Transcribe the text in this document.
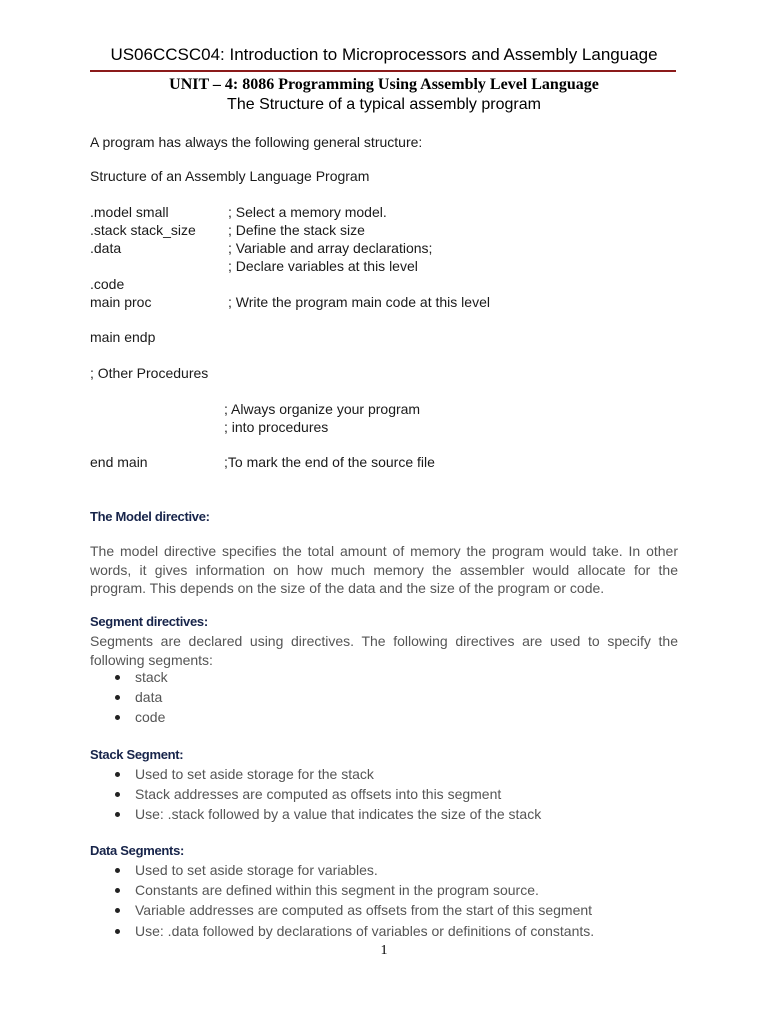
US06CCSC04: Introduction to Microprocessors and Assembly Language
UNIT – 4: 8086 Programming Using Assembly Level Language
The Structure of a typical assembly program
A program has always the following general structure:
Structure of an Assembly Language Program
.model small	; Select a memory model.
.stack stack_size ; Define the stack size
.data	; Variable and array declarations;
; Declare variables at this level
.code
main proc	; Write the program main code at this level
main endp
; Other Procedures
; Always organize your program
; into procedures
end main	;To mark the end of the source file
The Model directive:
The model directive specifies the total amount of memory the program would take. In other words, it gives information on how much memory the assembler would allocate for the program. This depends on the size of the data and the size of the program or code.
Segment directives:
Segments are declared using directives. The following directives are used to specify the following segments:
stack
data
code
Stack Segment:
Used to set aside storage for the stack
Stack addresses are computed as offsets into this segment
Use: .stack followed by a value that indicates the size of the stack
Data Segments:
Used to set aside storage for variables.
Constants are defined within this segment in the program source.
Variable addresses are computed as offsets from the start of this segment
Use: .data followed by declarations of variables or definitions of constants.
1
